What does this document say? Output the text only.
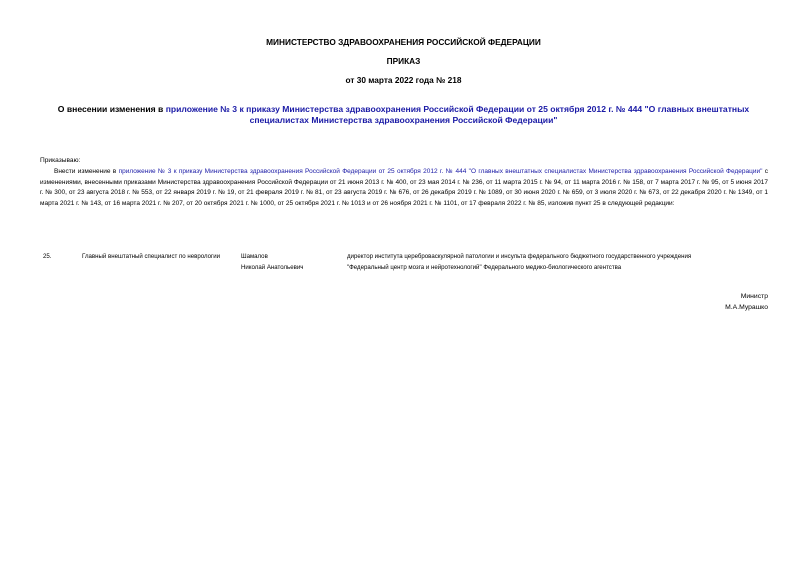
МИНИСТЕРСТВО ЗДРАВООХРАНЕНИЯ РОССИЙСКОЙ ФЕДЕРАЦИИ
ПРИКАЗ
от 30 марта 2022 года № 218
О внесении изменения в приложение № 3 к приказу Министерства здравоохранения Российской Федерации от 25 октября 2012 г. № 444 "О главных внештатных специалистах Министерства здравоохранения Российской Федерации"
Приказываю:
Внести изменение в приложение № 3 к приказу Министерства здравоохранения Российской Федерации от 25 октября 2012 г. № 444 "О главных внештатных специалистах Министерства здравоохранения Российской Федерации" с изменениями, внесенными приказами Министерства здравоохранения Российской Федерации от 21 июня 2013 г. № 400, от 23 мая 2014 г. № 236, от 11 марта 2015 г. № 94, от 11 марта 2016 г. № 158, от 7 марта 2017 г. № 95, от 5 июня 2017 г. № 300, от 23 августа 2018 г. № 553, от 22 января 2019 г. № 19, от 21 февраля 2019 г. № 81, от 23 августа 2019 г. № 676, от 26 декабря 2019 г. № 1089, от 30 июня 2020 г. № 659, от 3 июля 2020 г. № 673, от 22 декабря 2020 г. № 1349, от 1 марта 2021 г. № 143, от 16 марта 2021 г. № 207, от 20 октября 2021 г. № 1000, от 25 октября 2021 г. № 1013 и от 26 ноября 2021 г. № 1101, от 17 февраля 2022 г. № 85, изложив пункт 25 в следующей редакции:
25.	Главный внештатный специалист по неврологии	Шамалов
Николай Анатольевич
директор института цереброваскулярной патологии и инсульта федерального бюджетного государственного учреждения
"Федеральный центр мозга и нейротехнологий" Федерального медико-биологического агентства
Министр
М.А.Мурашко
